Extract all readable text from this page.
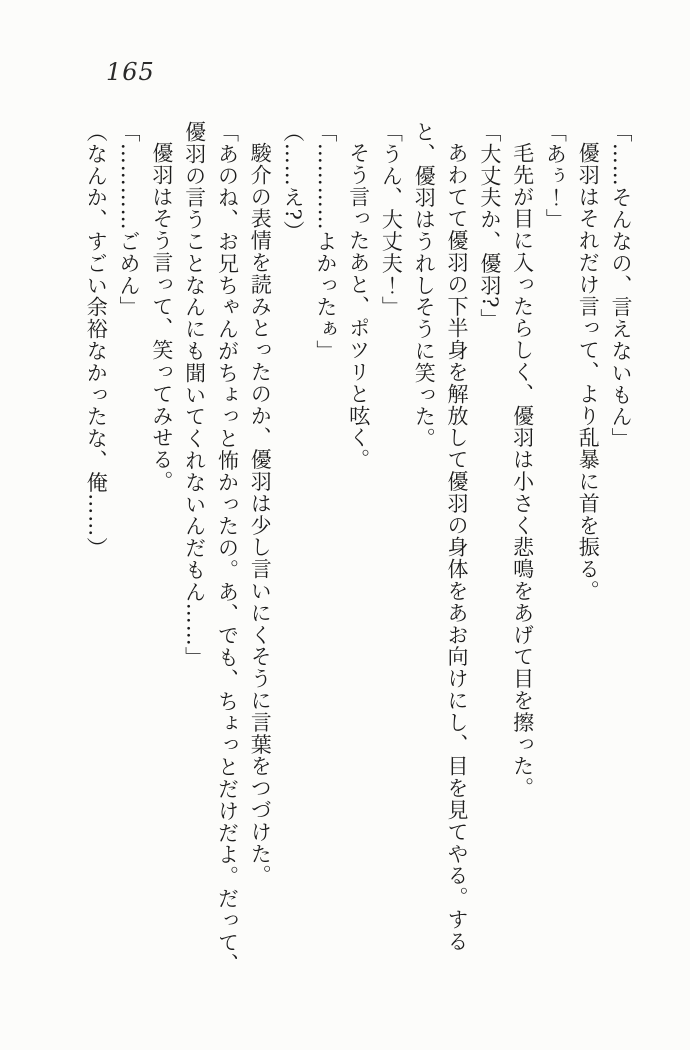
165

「……そんなの、言えないもん」

優羽はそれだけ言って、より乱暴に首を振る。

「あぅ！」

毛先が目に入ったらしく、優羽は小さく悲鳴をあげて目を擦った。

「大丈夫か、優羽?」

あわてて優羽の下半身を解放して優羽の身体をあお向けにし、目を見てやる。する

と、優羽はうれしそうに笑った。

「うん、大丈夫！」

そう言ったあと、ポツリと呟く。

「…………よかったぁ」

（……え?）

駿介の表情を読みとったのか、優羽は少し言いにくそうに言葉をつづけた。

「あのね、お兄ちゃんがちょっと怖かったの。あ、でも、ちょっとだけだよ。だって、

優羽の言うことなんにも聞いてくれないんだもん……」

優羽はそう言って、笑ってみせる。

「…………ごめん」

（なんか、すごい余裕なかったな、俺……）
